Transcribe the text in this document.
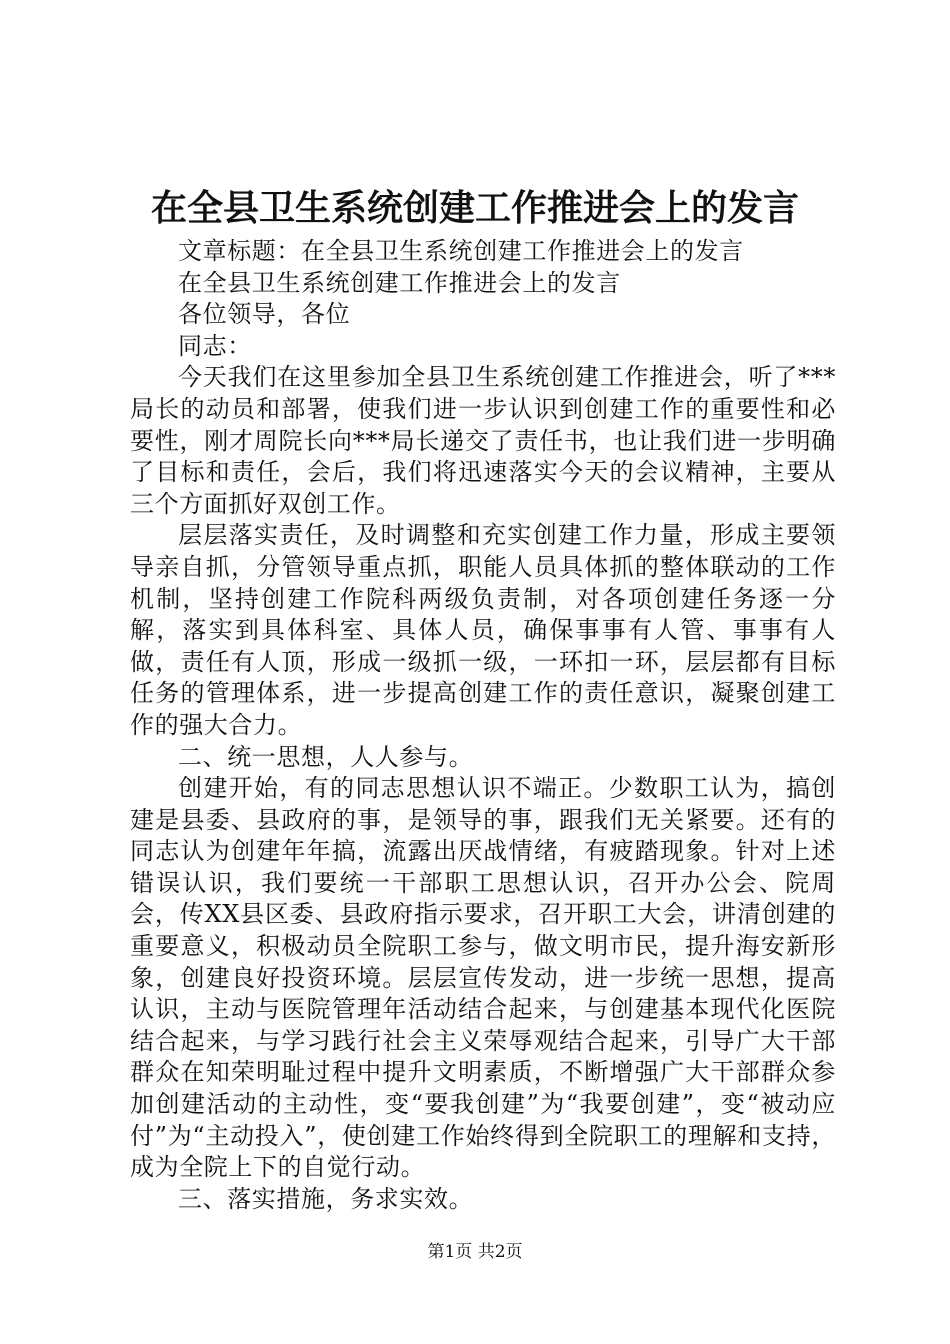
在全县卫生系统创建工作推进会上的发言

文章标题：在全县卫生系统创建工作推进会上的发言

在全县卫生系统创建工作推进会上的发言

各位领导，各位

同志：

今天我们在这里参加全县卫生系统创建工作推进会，听了***局长的动员和部署，使我们进一步认识到创建工作的重要性和必要性，刚才周院长向***局长递交了责任书，也让我们进一步明确了目标和责任，会后，我们将迅速落实今天的会议精神，主要从三个方面抓好双创工作。

层层落实责任，及时调整和充实创建工作力量，形成主要领导亲自抓，分管领导重点抓，职能人员具体抓的整体联动的工作机制，坚持创建工作院科两级负责制，对各项创建任务逐一分解，落实到具体科室、具体人员，确保事事有人管、事事有人做，责任有人顶，形成一级抓一级，一环扣一环，层层都有目标任务的管理体系，进一步提高创建工作的责任意识，凝聚创建工作的强大合力。

二、统一思想，人人参与。

创建开始，有的同志思想认识不端正。少数职工认为，搞创建是县委、县政府的事，是领导的事，跟我们无关紧要。还有的同志认为创建年年搞，流露出厌战情绪，有疲踏现象。针对上述错误认识，我们要统一干部职工思想认识，召开办公会、院周会，传XX县区委、县政府指示要求，召开职工大会，讲清创建的重要意义，积极动员全院职工参与，做文明市民，提升海安新形象，创建良好投资环境。层层宣传发动，进一步统一思想，提高认识，主动与医院管理年活动结合起来，与创建基本现代化医院结合起来，与学习践行社会主义荣辱观结合起来，引导广大干部群众在知荣明耻过程中提升文明素质，不断增强广大干部群众参加创建活动的主动性，变“要我创建”为“我要创建”，变“被动应付”为“主动投入”，使创建工作始终得到全院职工的理解和支持，成为全院上下的自觉行动。

三、落实措施，务求实效。

第1页 共2页
